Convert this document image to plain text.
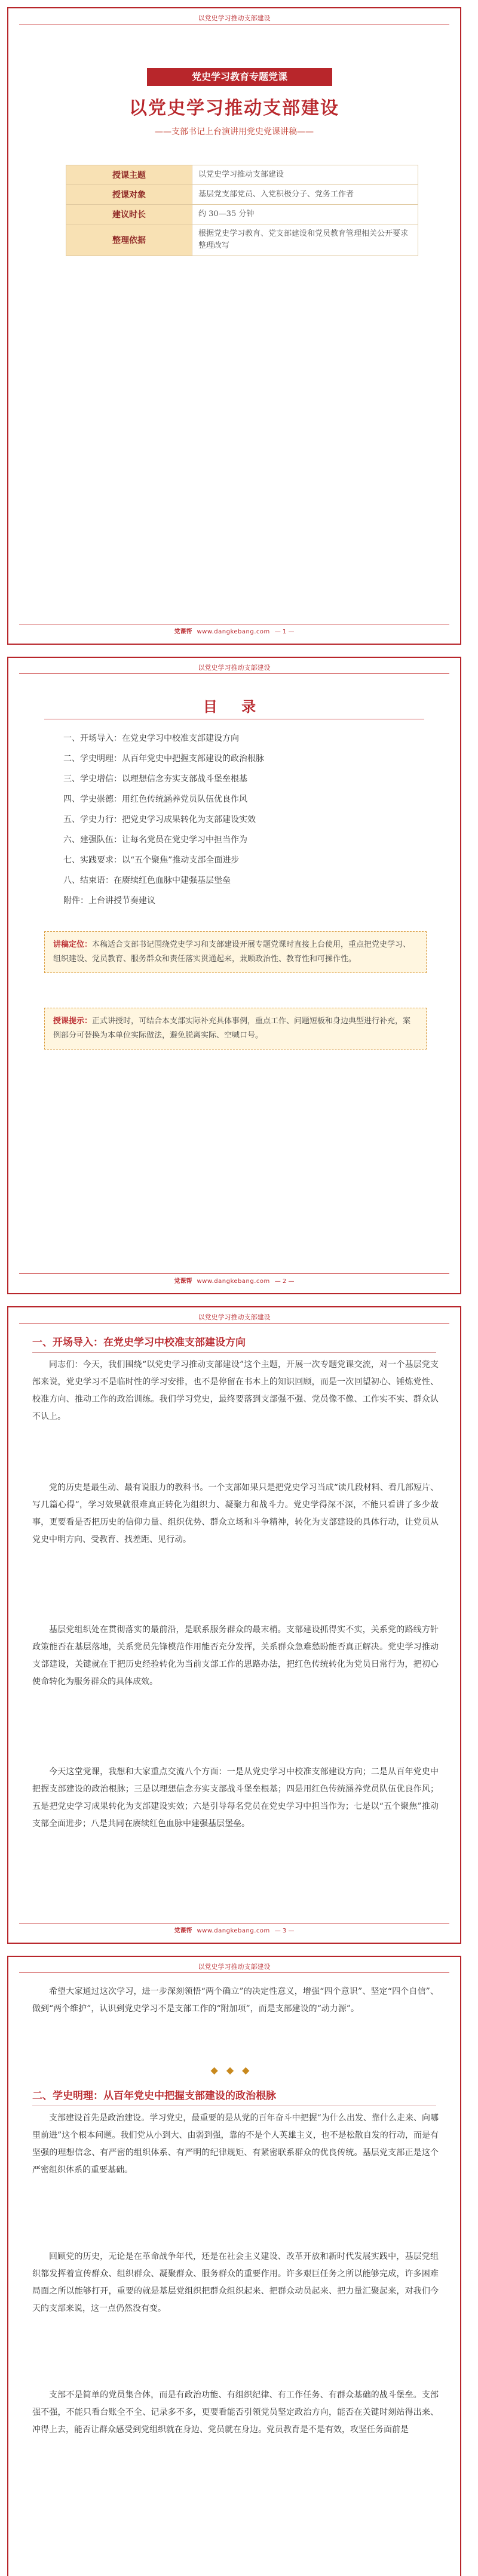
以党史学习推动支部建设
党史学习教育专题党课
以党史学习推动支部建设
——支部书记上台演讲用党史党课讲稿——
授课主题	以党史学习推动支部建设
授课对象	基层党支部党员、入党积极分子、党务工作者
建议时长	约 30—35 分钟
整理依据	根据党史学习教育、党支部建设和党员教育管理相关公开要求整理改写
党课帮 www.dangkebang.com — 1 —
以党史学习推动支部建设
目 录
一、开场导入：在党史学习中校准支部建设方向
二、学史明理：从百年党史中把握支部建设的政治根脉
三、学史增信：以理想信念夯实支部战斗堡垒根基
四、学史崇德：用红色传统涵养党员队伍优良作风
五、学史力行：把党史学习成果转化为支部建设实效
六、建强队伍：让每名党员在党史学习中担当作为
七、实践要求：以“五个聚焦”推动支部全面进步
八、结束语：在赓续红色血脉中建强基层堡垒
附件：上台讲授节奏建议
讲稿定位：本稿适合支部书记围绕党史学习和支部建设开展专题党课时直接上台使用，重点把党史学习、组织建设、党员教育、服务群众和责任落实贯通起来，兼顾政治性、教育性和可操作性。
授课提示：正式讲授时，可结合本支部实际补充具体事例，重点工作、问题短板和身边典型进行补充，案例部分可替换为本单位实际做法，避免脱离实际、空喊口号。
党课帮 www.dangkebang.com — 2 —
以党史学习推动支部建设
一、开场导入：在党史学习中校准支部建设方向

同志们：今天，我们围绕“以党史学习推动支部建设”这个主题，开展一次专题党课交流，对一个基层党支部来说，党史学习不是临时性的学习安排，也不是停留在书本上的知识回顾，而是一次回望初心、锤炼党性、校准方向、推动工作的政治训练。我们学习党史，最终要落到支部强不强、党员像不像、工作实不实、群众认不认上。

党的历史是最生动、最有说服力的教科书。一个支部如果只是把党史学习当成“读几段材料、看几部短片、写几篇心得”，学习效果就很难真正转化为组织力、凝聚力和战斗力。党史学得深不深，不能只看讲了多少故事，更要看是否把历史的信仰力量、组织优势、群众立场和斗争精神，转化为支部建设的具体行动，让党员从党史中明方向、受教育、找差距、见行动。

基层党组织处在贯彻落实的最前沿，是联系服务群众的最末梢。支部建设抓得实不实，关系党的路线方针政策能否在基层落地，关系党员先锋模范作用能否充分发挥，关系群众急难愁盼能否真正解决。党史学习推动支部建设，关键就在于把历史经验转化为当前支部工作的思路办法，把红色传统转化为党员日常行为，把初心使命转化为服务群众的具体成效。

今天这堂党课，我想和大家重点交流八个方面：一是从党史学习中校准支部建设方向；二是从百年党史中把握支部建设的政治根脉；三是以理想信念夯实支部战斗堡垒根基；四是用红色传统涵养党员队伍优良作风；五是把党史学习成果转化为支部建设实效；六是引导每名党员在党史学习中担当作为；七是以“五个聚焦”推动支部全面进步；八是共同在赓续红色血脉中建强基层堡垒。

党课帮 www.dangkebang.com — 3 —
以党史学习推动支部建设

希望大家通过这次学习，进一步深刻领悟“两个确立”的决定性意义，增强“四个意识”、坚定“四个自信”、做到“两个维护”，认识到党史学习不是支部工作的“附加项”，而是支部建设的“动力源”。

◆◆◆
二、学史明理：从百年党史中把握支部建设的政治根脉

支部建设首先是政治建设。学习党史，最重要的是从党的百年奋斗中把握“为什么出发、靠什么走来、向哪里前进”这个根本问题。我们党从小到大、由弱到强，靠的不是个人英雄主义，也不是松散自发的行动，而是有坚强的理想信念、有严密的组织体系、有严明的纪律规矩、有紧密联系群众的优良传统。基层党支部正是这个严密组织体系的重要基础。

回顾党的历史，无论是在革命战争年代，还是在社会主义建设、改革开放和新时代发展实践中，基层党组织都发挥着宣传群众、组织群众、凝聚群众、服务群众的重要作用。许多艰巨任务之所以能够完成，许多困难局面之所以能够打开，重要的就是基层党组织把群众组织起来、把群众动员起来、把力量汇聚起来，对我们今天的支部来说，这一点仍然没有变。

支部不是简单的党员集合体，而是有政治功能、有组织纪律、有工作任务、有群众基础的战斗堡垒。支部强不强，不能只看台账全不全、记录多不多，更要看能否引领党员坚定政治方向，能否在关键时刻站得出来、冲得上去，能否让群众感受到党组织就在身边、党员就在身边。党员教育是不是有效，攻坚任务面前是
